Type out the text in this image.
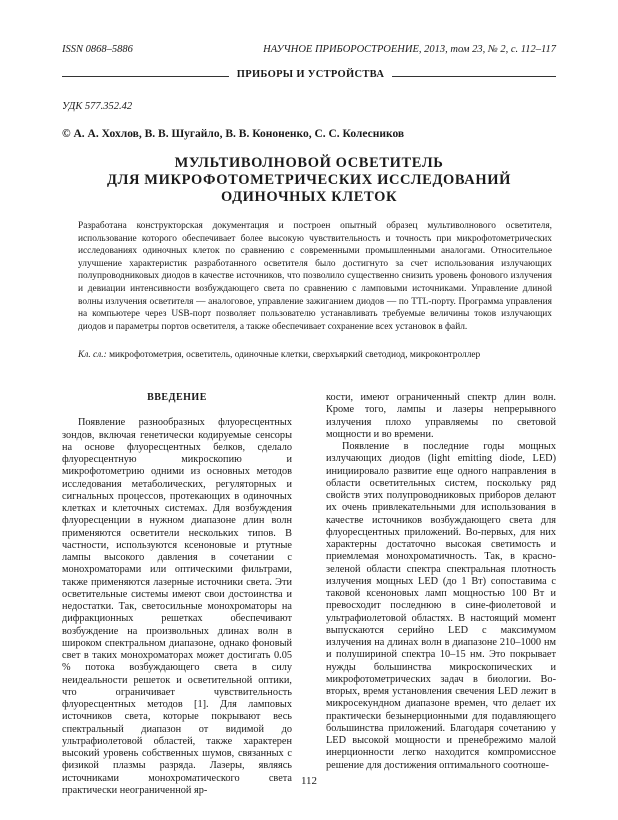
ISSN 0868–5886	НАУЧНОЕ ПРИБОРОСТРОЕНИЕ, 2013, том 23, № 2, с. 112–117
ПРИБОРЫ И УСТРОЙСТВА
УДК 577.352.42
© А. А. Хохлов, В. В. Шугайло, В. В. Кононенко, С. С. Колесников
МУЛЬТИВОЛНОВОЙ ОСВЕТИТЕЛЬ
ДЛЯ МИКРОФОТОМЕТРИЧЕСКИХ ИССЛЕДОВАНИЙ
ОДИНОЧНЫХ КЛЕТОК
Разработана конструкторская документация и построен опытный образец мультиволнового осветителя, использование которого обеспечивает более высокую чувствительность и точность при микрофотометрических исследованиях одиночных клеток по сравнению с современными промышленными аналогами. Относительное улучшение характеристик разработанного осветителя было достигнуто за счет использования излучающих полупроводниковых диодов в качестве источников, что позволило существенно снизить уровень фонового излучения и девиации интенсивности возбуждающего света по сравнению с ламповыми источниками. Управление длиной волны излучения осветителя — аналоговое, управление зажиганием диодов — по TTL-порту. Программа управления на компьютере через USB-порт позволяет пользователю устанавливать требуемые величины токов излучающих диодов и параметры портов осветителя, а также обеспечивает сохранение всех установок в файл.
Кл. сл.: микрофотометрия, осветитель, одиночные клетки, сверхъяркий светодиод, микроконтроллер
ВВЕДЕНИЕ

Появление разнообразных флуоресцентных зондов, включая генетически кодируемые сенсоры на основе флуоресцентных белков, сделало флуоресцентную микроскопию и микрофотометрию одними из основных методов исследования метаболических, регуляторных и сигнальных процессов, протекающих в одиночных клетках и клеточных системах. Для возбуждения флуоресценции в нужном диапазоне длин волн применяются осветители нескольких типов. В частности, используются ксеноновые и ртутные лампы высокого давления в сочетании с монохроматорами или оптическими фильтрами, также применяются лазерные источники света. Эти осветительные системы имеют свои достоинства и недостатки. Так, светосильные монохроматоры на дифракционных решетках обеспечивают возбуждение на произвольных длинах волн в широком спектральном диапазоне, однако фоновый свет в таких монохроматорах может достигать 0.05 % потока возбуждающего света в силу неидеальности решеток и осветительной оптики, что ограничивает чувствительность флуоресцентных методов [1]. Для ламповых источников света, которые покрывают весь спектральный диапазон от видимой до ультрафиолетовой областей, также характерен высокий уровень собственных шумов, связанных с физикой плазмы разряда. Лазеры, являясь источниками монохроматического света практически неограниченной яр-

кости, имеют ограниченный спектр длин волн. Кроме того, лампы и лазеры непрерывного излучения плохо управляемы по световой мощности и во времени.

Появление в последние годы мощных излучающих диодов (light emitting diode, LED) инициировало развитие еще одного направления в области осветительных систем, поскольку ряд свойств этих полупроводниковых приборов делают их очень привлекательными для использования в качестве источников возбуждающего света для флуоресцентных приложений. Во-первых, для них характерны достаточно высокая светимость и приемлемая монохроматичность. Так, в красно-зеленой области спектра спектральная плотность излучения мощных LED (до 1 Вт) сопоставима с таковой ксеноновых ламп мощностью 100 Вт и превосходит последнюю в сине-фиолетовой и ультрафиолетовой областях. В настоящий момент выпускаются серийно LED с максимумом излучения на длинах волн в диапазоне 210–1000 нм и полушириной спектра 10–15 нм. Это покрывает нужды большинства микроскопических и микрофотометрических задач в биологии. Во-вторых, время установления свечения LED лежит в микросекундном диапазоне времен, что делает их практически безынерционными для подавляющего большинства приложений. Благодаря сочетанию у LED высокой мощности и пренебрежимо малой инерционности легко находится компромиссное решение для достижения оптимального соотноше-

112
